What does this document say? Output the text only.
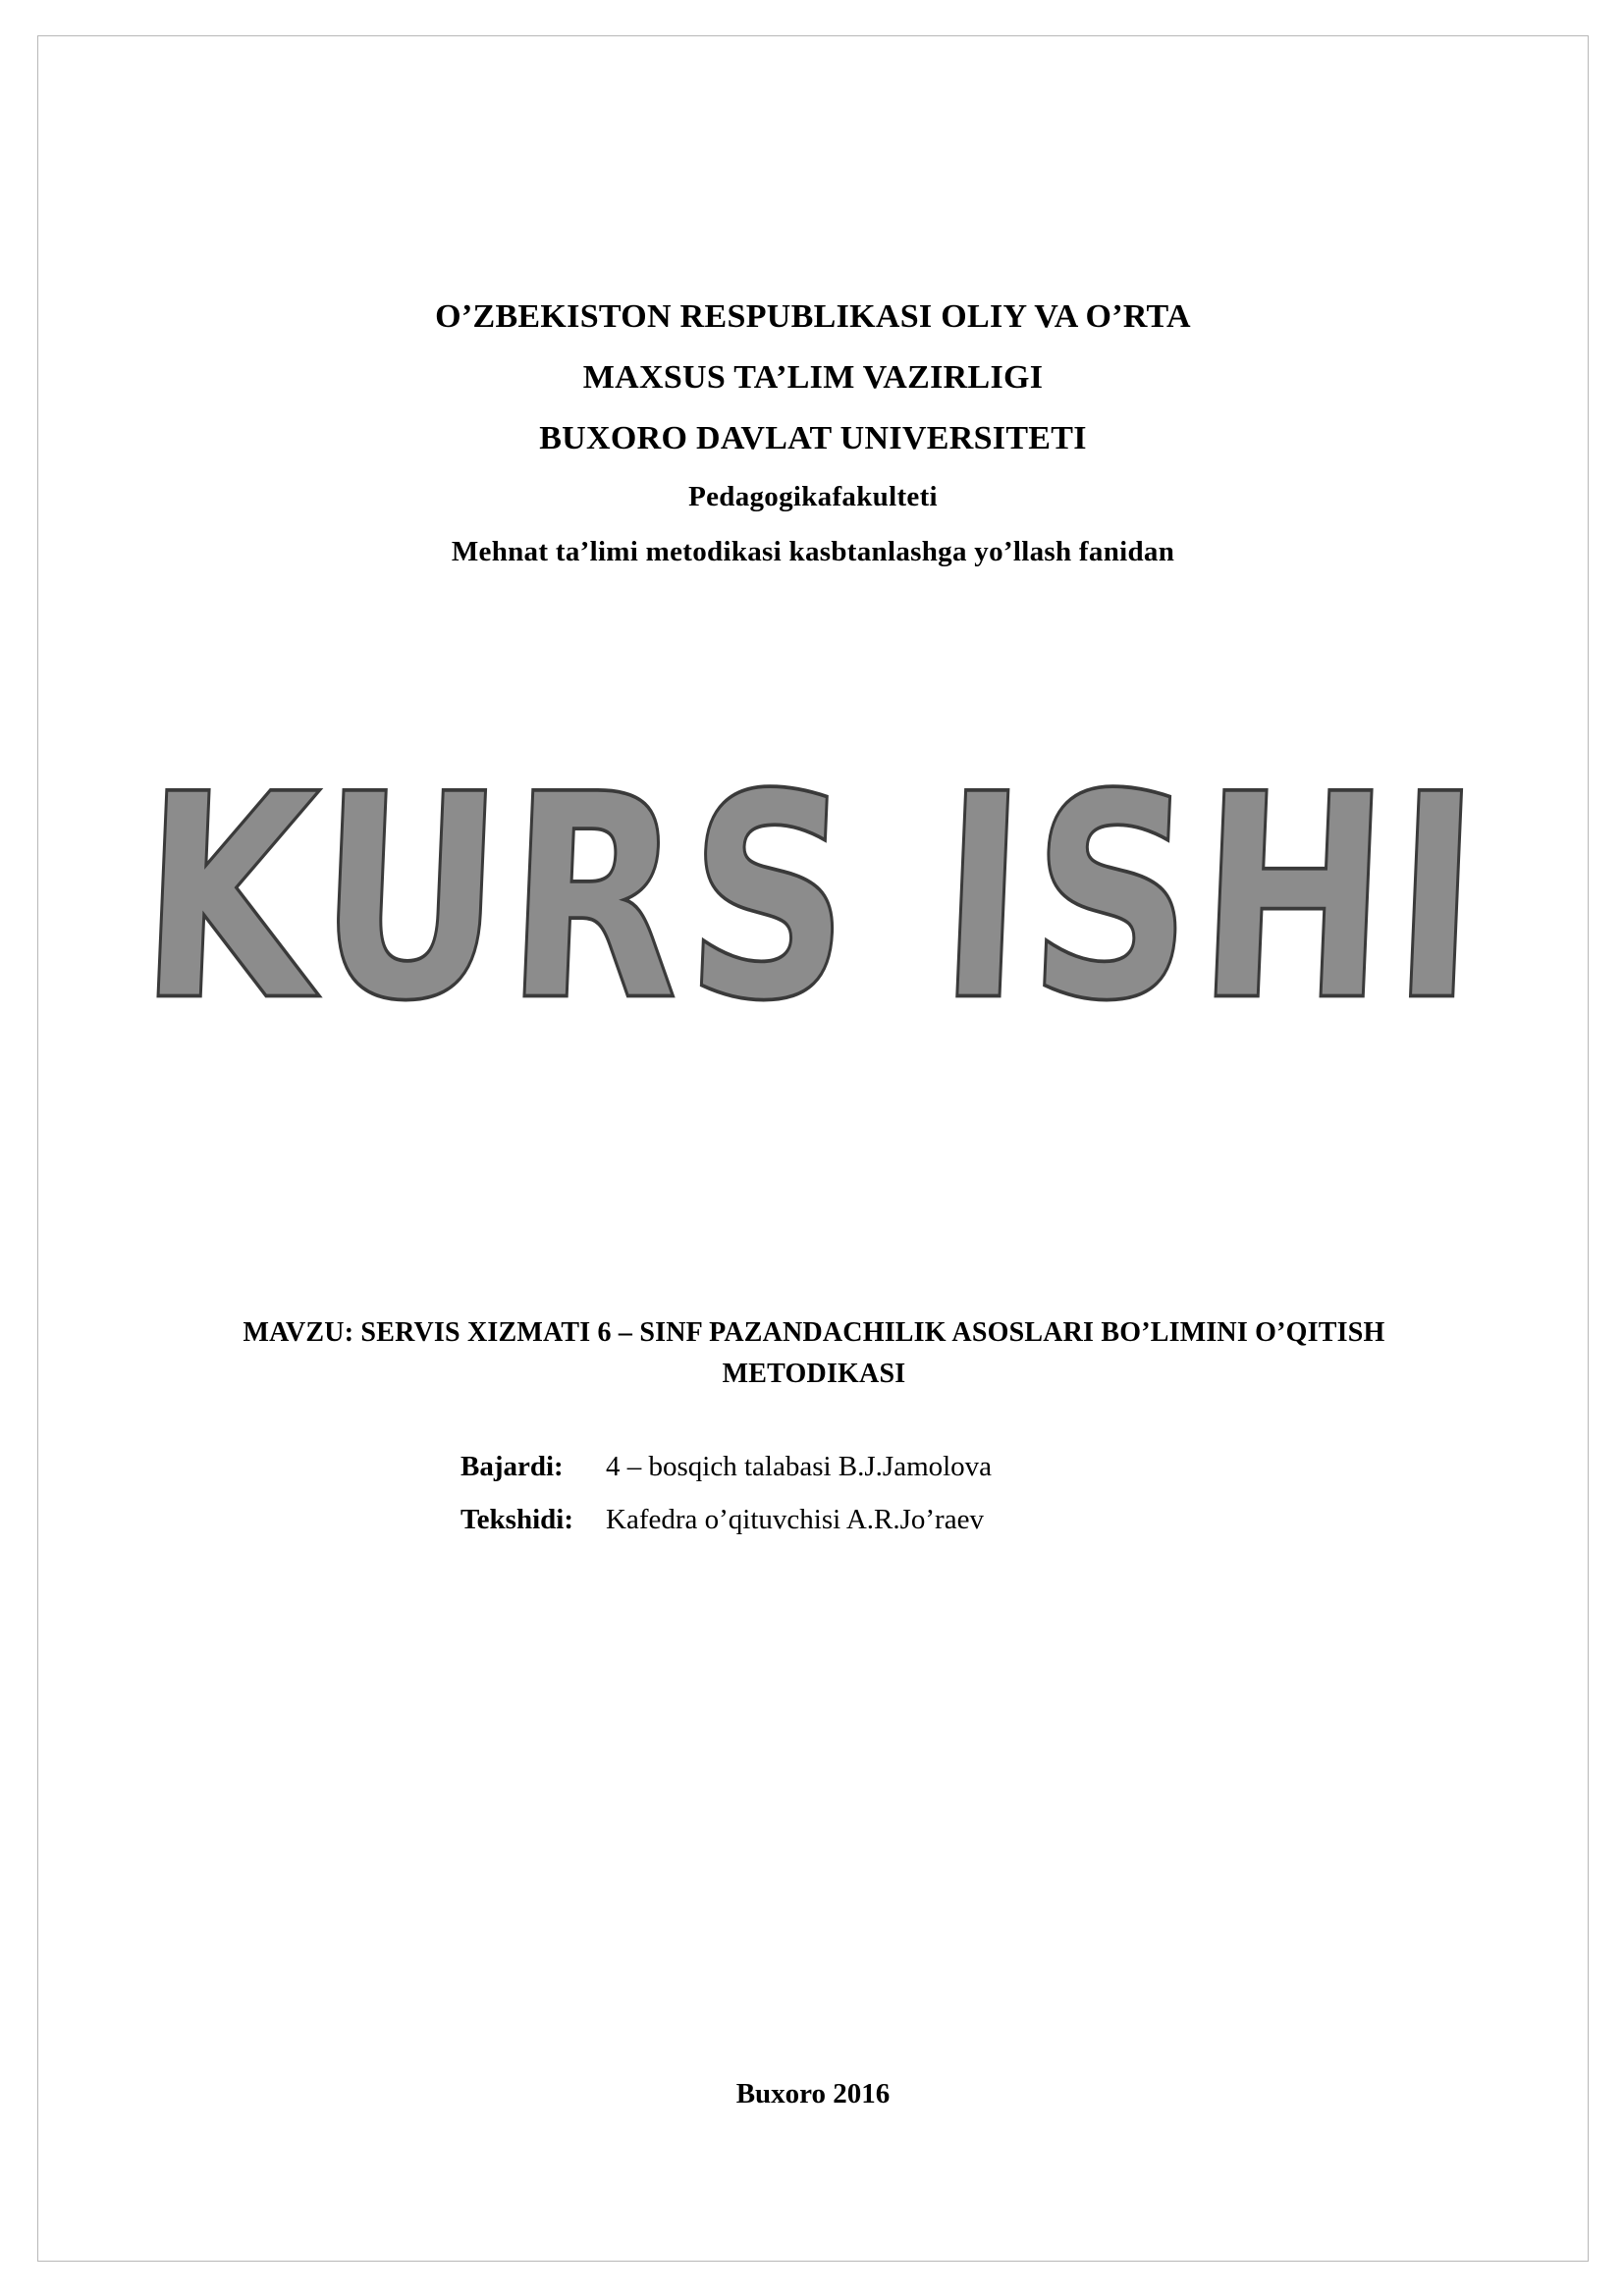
O’ZBEKISTON RESPUBLIKASI OLIY VA O’RTA
MAXSUS TA’LIM VAZIRLIGI
BUXORO DAVLAT UNIVERSITETI
Pedagogikafakulteti
Mehnat ta’limi metodikasi kasbtanlashga yo’llash fanidan
KURS ISHI
MAVZU: SERVIS XIZMATI 6 – SINF PAZANDACHILIK ASOSLARI BO’LIMINI O’QITISH METODIKASI
Bajardi: 4 – bosqich talabasi B.J.Jamolova
Tekshidi: Kafedra o’qituvchisi A.R.Jo’raev
Buxoro 2016
